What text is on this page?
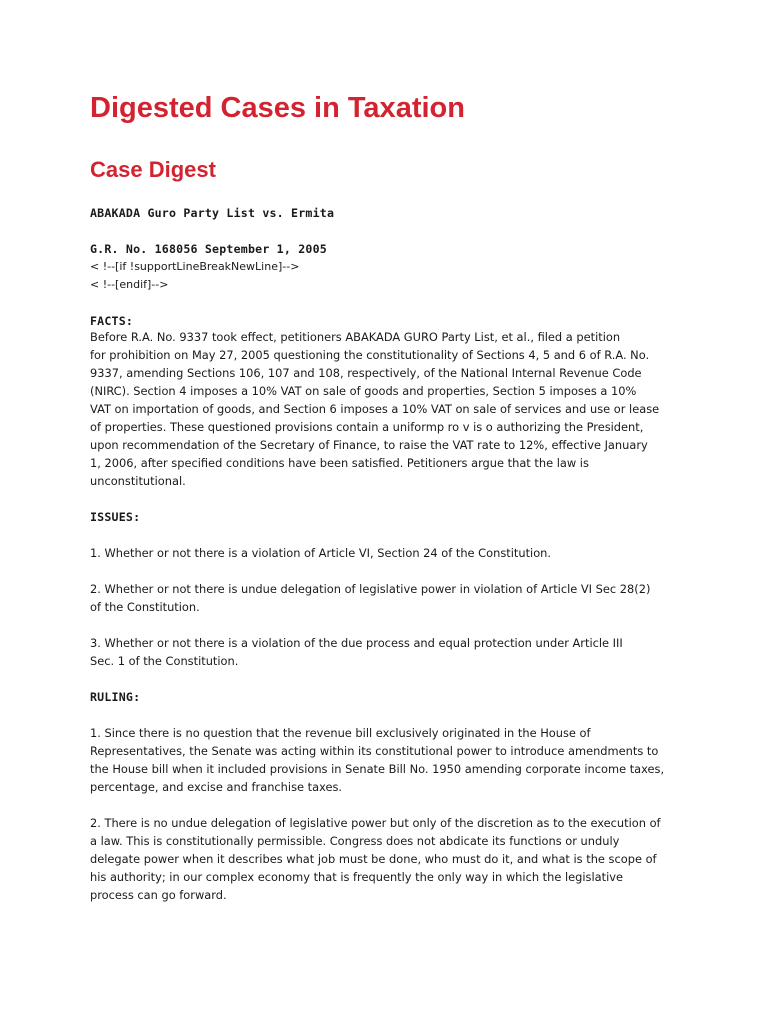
Digested Cases in Taxation
Case Digest
ABAKADA Guro Party List vs. Ermita
G.R. No. 168056 September 1, 2005
< !--[if !supportLineBreakNewLine]-->
< !--[endif]-->
FACTS:
Before R.A. No. 9337 took effect, petitioners ABAKADA GURO Party List, et al., filed a petition
for prohibition on May 27, 2005 questioning the constitutionality of Sections 4, 5 and 6 of R.A. No.
9337, amending Sections 106, 107 and 108, respectively, of the National Internal Revenue Code
(NIRC). Section 4 imposes a 10% VAT on sale of goods and properties, Section 5 imposes a 10%
VAT on importation of goods, and Section 6 imposes a 10% VAT on sale of services and use or lease
of properties. These questioned provisions contain a uniformp ro v is o authorizing the President,
upon recommendation of the Secretary of Finance, to raise the VAT rate to 12%, effective January
1, 2006, after specified conditions have been satisfied. Petitioners argue that the law is
unconstitutional.
ISSUES:
1. Whether or not there is a violation of Article VI, Section 24 of the Constitution.
2. Whether or not there is undue delegation of legislative power in violation of Article VI Sec 28(2)
of the Constitution.
3. Whether or not there is a violation of the due process and equal protection under Article III
Sec. 1 of the Constitution.
RULING:
1. Since there is no question that the revenue bill exclusively originated in the House of
Representatives, the Senate was acting within its constitutional power to introduce amendments to
the House bill when it included provisions in Senate Bill No. 1950 amending corporate income taxes,
percentage, and excise and franchise taxes.
2. There is no undue delegation of legislative power but only of the discretion as to the execution of
a law. This is constitutionally permissible. Congress does not abdicate its functions or unduly
delegate power when it describes what job must be done, who must do it, and what is the scope of
his authority; in our complex economy that is frequently the only way in which the legislative
process can go forward.
